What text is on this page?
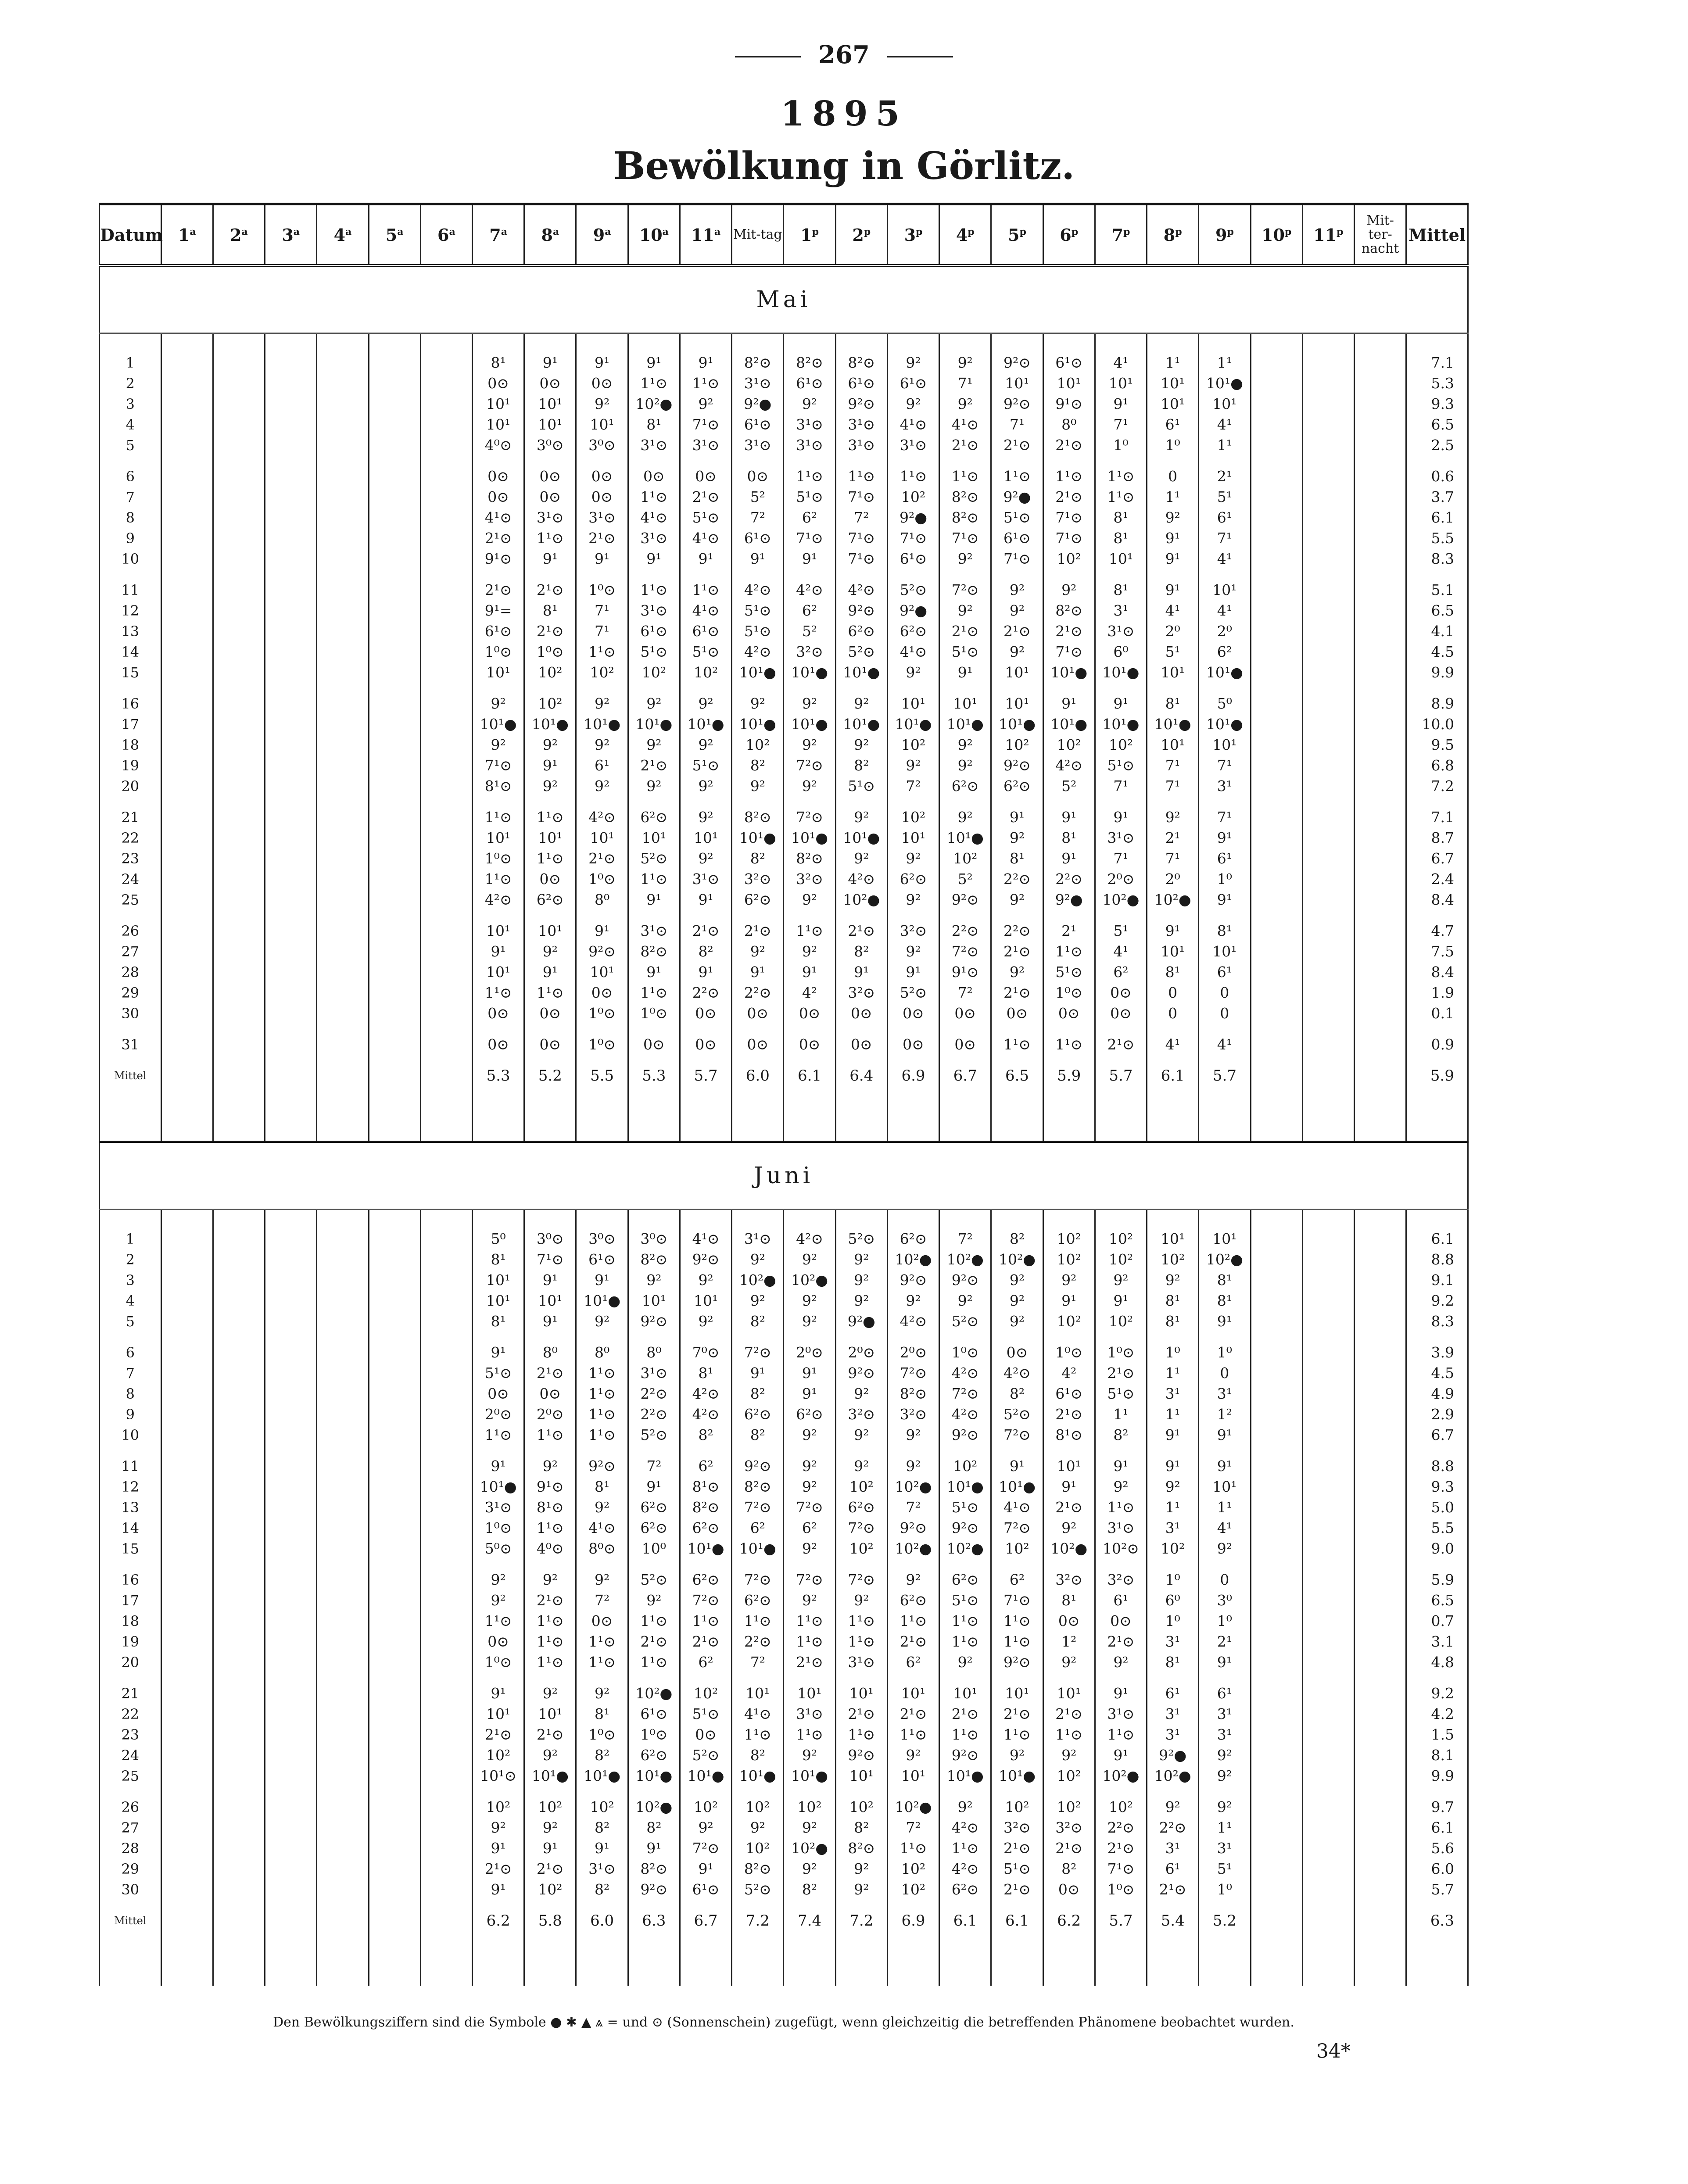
267
1895
Bewölkung in Görlitz.
Datum	1$^a$	2$^a$	3$^a$	4$^a$	5$^a$	6$^a$	7$^a$	8$^a$	9$^a$	10$^a$	11$^a$	Mit-tag	1$^p$	2$^p$	3$^p$	4$^p$	5$^p$	6$^p$	7$^p$	8$^p$	9$^p$	10$^p$	11$^p$	Mit-ter-nacht	Mittel
Mai																									

1							8¹	9¹	9¹	9¹	9¹	8²⊙	8²⊙	8²⊙	9²	9²	9²⊙	6¹⊙	4¹	1¹	1¹				7.1
2							0⊙	0⊙	0⊙	1¹⊙	1¹⊙	3¹⊙	6¹⊙	6¹⊙	6¹⊙	7¹	10¹	10¹	10¹	10¹	10¹●				5.3
3							10¹	10¹	9²	10²●	9²	9²●	9²	9²⊙	9²	9²	9²⊙	9¹⊙	9¹	10¹	10¹				9.3
4							10¹	10¹	10¹	8¹	7¹⊙	6¹⊙	3¹⊙	3¹⊙	4¹⊙	4¹⊙	7¹	8⁰	7¹	6¹	4¹				6.5
5							4⁰⊙	3⁰⊙	3⁰⊙	3¹⊙	3¹⊙	3¹⊙	3¹⊙	3¹⊙	3¹⊙	2¹⊙	2¹⊙	2¹⊙	1⁰	1⁰	1¹				2.5

6							0⊙	0⊙	0⊙	0⊙	0⊙	0⊙	1¹⊙	1¹⊙	1¹⊙	1¹⊙	1¹⊙	1¹⊙	1¹⊙	0	2¹				0.6
7							0⊙	0⊙	0⊙	1¹⊙	2¹⊙	5²	5¹⊙	7¹⊙	10²	8²⊙	9²●	2¹⊙	1¹⊙	1¹	5¹				3.7
8							4¹⊙	3¹⊙	3¹⊙	4¹⊙	5¹⊙	7²	6²	7²	9²●	8²⊙	5¹⊙	7¹⊙	8¹	9²	6¹				6.1
9							2¹⊙	1¹⊙	2¹⊙	3¹⊙	4¹⊙	6¹⊙	7¹⊙	7¹⊙	7¹⊙	7¹⊙	6¹⊙	7¹⊙	8¹	9¹	7¹				5.5
10							9¹⊙	9¹	9¹	9¹	9¹	9¹	9¹	7¹⊙	6¹⊙	9²	7¹⊙	10²	10¹	9¹	4¹				8.3

11							2¹⊙	2¹⊙	1⁰⊙	1¹⊙	1¹⊙	4²⊙	4²⊙	4²⊙	5²⊙	7²⊙	9²	9²	8¹	9¹	10¹				5.1
12							9¹=	8¹	7¹	3¹⊙	4¹⊙	5¹⊙	6²	9²⊙	9²●	9²	9²	8²⊙	3¹	4¹	4¹				6.5
13							6¹⊙	2¹⊙	7¹	6¹⊙	6¹⊙	5¹⊙	5²	6²⊙	6²⊙	2¹⊙	2¹⊙	2¹⊙	3¹⊙	2⁰	2⁰				4.1
14							1⁰⊙	1⁰⊙	1¹⊙	5¹⊙	5¹⊙	4²⊙	3²⊙	5²⊙	4¹⊙	5¹⊙	9²	7¹⊙	6⁰	5¹	6²				4.5
15							10¹	10²	10²	10²	10²	10¹●	10¹●	10¹●	9²	9¹	10¹	10¹●	10¹●	10¹	10¹●				9.9

16							9²	10²	9²	9²	9²	9²	9²	9²	10¹	10¹	10¹	9¹	9¹	8¹	5⁰				8.9
17							10¹●	10¹●	10¹●	10¹●	10¹●	10¹●	10¹●	10¹●	10¹●	10¹●	10¹●	10¹●	10¹●	10¹●	10¹●				10.0
18							9²	9²	9²	9²	9²	10²	9²	9²	10²	9²	10²	10²	10²	10¹	10¹				9.5
19							7¹⊙	9¹	6¹	2¹⊙	5¹⊙	8²	7²⊙	8²	9²	9²	9²⊙	4²⊙	5¹⊙	7¹	7¹				6.8
20							8¹⊙	9²	9²	9²	9²	9²	9²	5¹⊙	7²	6²⊙	6²⊙	5²	7¹	7¹	3¹				7.2

21							1¹⊙	1¹⊙	4²⊙	6²⊙	9²	8²⊙	7²⊙	9²	10²	9²	9¹	9¹	9¹	9²	7¹				7.1
22							10¹	10¹	10¹	10¹	10¹	10¹●	10¹●	10¹●	10¹	10¹●	9²	8¹	3¹⊙	2¹	9¹				8.7
23							1⁰⊙	1¹⊙	2¹⊙	5²⊙	9²	8²	8²⊙	9²	9²	10²	8¹	9¹	7¹	7¹	6¹				6.7
24							1¹⊙	0⊙	1⁰⊙	1¹⊙	3¹⊙	3²⊙	3²⊙	4²⊙	6²⊙	5²	2²⊙	2²⊙	2⁰⊙	2⁰	1⁰				2.4
25							4²⊙	6²⊙	8⁰	9¹	9¹	6²⊙	9²	10²●	9²	9²⊙	9²	9²●	10²●	10²●	9¹				8.4

26							10¹	10¹	9¹	3¹⊙	2¹⊙	2¹⊙	1¹⊙	2¹⊙	3²⊙	2²⊙	2²⊙	2¹	5¹	9¹	8¹				4.7
27							9¹	9²	9²⊙	8²⊙	8²	9²	9²	8²	9²	7²⊙	2¹⊙	1¹⊙	4¹	10¹	10¹				7.5
28							10¹	9¹	10¹	9¹	9¹	9¹	9¹	9¹	9¹	9¹⊙	9²	5¹⊙	6²	8¹	6¹				8.4
29							1¹⊙	1¹⊙	0⊙	1¹⊙	2²⊙	2²⊙	4²	3²⊙	5²⊙	7²	2¹⊙	1⁰⊙	0⊙	0	0				1.9
30							0⊙	0⊙	1⁰⊙	1⁰⊙	0⊙	0⊙	0⊙	0⊙	0⊙	0⊙	0⊙	0⊙	0⊙	0	0				0.1

31							0⊙	0⊙	1⁰⊙	0⊙	0⊙	0⊙	0⊙	0⊙	0⊙	0⊙	1¹⊙	1¹⊙	2¹⊙	4¹	4¹				0.9
Mittel							5.3	5.2	5.5	5.3	5.7	6.0	6.1	6.4	6.9	6.7	6.5	5.9	5.7	6.1	5.7				5.9

Juni																									

1							5⁰	3⁰⊙	3⁰⊙	3⁰⊙	4¹⊙	3¹⊙	4²⊙	5²⊙	6²⊙	7²	8²	10²	10²	10¹	10¹				6.1
2							8¹	7¹⊙	6¹⊙	8²⊙	9²⊙	9²	9²	9²	10²●	10²●	10²●	10²	10²	10²	10²●				8.8
3							10¹	9¹	9¹	9²	9²	10²●	10²●	9²	9²⊙	9²⊙	9²	9²	9²	9²	8¹				9.1
4							10¹	10¹	10¹●	10¹	10¹	9²	9²	9²	9²	9²	9²	9¹	9¹	8¹	8¹				9.2
5							8¹	9¹	9²	9²⊙	9²	8²	9²	9²●	4²⊙	5²⊙	9²	10²	10²	8¹	9¹				8.3

6							9¹	8⁰	8⁰	8⁰	7⁰⊙	7²⊙	2⁰⊙	2⁰⊙	2⁰⊙	1⁰⊙	0⊙	1⁰⊙	1⁰⊙	1⁰	1⁰				3.9
7							5¹⊙	2¹⊙	1¹⊙	3¹⊙	8¹	9¹	9¹	9²⊙	7²⊙	4²⊙	4²⊙	4²	2¹⊙	1¹	0				4.5
8							0⊙	0⊙	1¹⊙	2²⊙	4²⊙	8²	9¹	9²	8²⊙	7²⊙	8²	6¹⊙	5¹⊙	3¹	3¹				4.9
9							2⁰⊙	2⁰⊙	1¹⊙	2²⊙	4²⊙	6²⊙	6²⊙	3²⊙	3²⊙	4²⊙	5²⊙	2¹⊙	1¹	1¹	1²				2.9
10							1¹⊙	1¹⊙	1¹⊙	5²⊙	8²	8²	9²	9²	9²	9²⊙	7²⊙	8¹⊙	8²	9¹	9¹				6.7

11							9¹	9²	9²⊙	7²	6²	9²⊙	9²	9²	9²	10²	9¹	10¹	9¹	9¹	9¹				8.8
12							10¹●	9¹⊙	8¹	9¹	8¹⊙	8²⊙	9²	10²	10²●	10¹●	10¹●	9¹	9²	9²	10¹				9.3
13							3¹⊙	8¹⊙	9²	6²⊙	8²⊙	7²⊙	7²⊙	6²⊙	7²	5¹⊙	4¹⊙	2¹⊙	1¹⊙	1¹	1¹				5.0
14							1⁰⊙	1¹⊙	4¹⊙	6²⊙	6²⊙	6²	6²	7²⊙	9²⊙	9²⊙	7²⊙	9²	3¹⊙	3¹	4¹				5.5
15							5⁰⊙	4⁰⊙	8⁰⊙	10⁰	10¹●	10¹●	9²	10²	10²●	10²●	10²	10²●	10²⊙	10²	9²				9.0

16							9²	9²	9²	5²⊙	6²⊙	7²⊙	7²⊙	7²⊙	9²	6²⊙	6²	3²⊙	3²⊙	1⁰	0				5.9
17							9²	2¹⊙	7²	9²	7²⊙	6²⊙	9²	9²	6²⊙	5¹⊙	7¹⊙	8¹	6¹	6⁰	3⁰				6.5
18							1¹⊙	1¹⊙	0⊙	1¹⊙	1¹⊙	1¹⊙	1¹⊙	1¹⊙	1¹⊙	1¹⊙	1¹⊙	0⊙	0⊙	1⁰	1⁰				0.7
19							0⊙	1¹⊙	1¹⊙	2¹⊙	2¹⊙	2²⊙	1¹⊙	1¹⊙	2¹⊙	1¹⊙	1¹⊙	1²	2¹⊙	3¹	2¹				3.1
20							1⁰⊙	1¹⊙	1¹⊙	1¹⊙	6²	7²	2¹⊙	3¹⊙	6²	9²	9²⊙	9²	9²	8¹	9¹				4.8

21							9¹	9²	9²	10²●	10²	10¹	10¹	10¹	10¹	10¹	10¹	10¹	9¹	6¹	6¹				9.2
22							10¹	10¹	8¹	6¹⊙	5¹⊙	4¹⊙	3¹⊙	2¹⊙	2¹⊙	2¹⊙	2¹⊙	2¹⊙	3¹⊙	3¹	3¹				4.2
23							2¹⊙	2¹⊙	1⁰⊙	1⁰⊙	0⊙	1¹⊙	1¹⊙	1¹⊙	1¹⊙	1¹⊙	1¹⊙	1¹⊙	1¹⊙	3¹	3¹				1.5
24							10²	9²	8²	6²⊙	5²⊙	8²	9²	9²⊙	9²	9²⊙	9²	9²	9¹	9²●	9²				8.1
25							10¹⊙	10¹●	10¹●	10¹●	10¹●	10¹●	10¹●	10¹	10¹	10¹●	10¹●	10²	10²●	10²●	9²				9.9

26							10²	10²	10²	10²●	10²	10²	10²	10²	10²●	9²	10²	10²	10²	9²	9²				9.7
27							9²	9²	8²	8²	9²	9²	9²	8²	7²	4²⊙	3²⊙	3²⊙	2²⊙	2²⊙	1¹				6.1
28							9¹	9¹	9¹	9¹	7²⊙	10²	10²●	8²⊙	1¹⊙	1¹⊙	2¹⊙	2¹⊙	2¹⊙	3¹	3¹				5.6
29							2¹⊙	2¹⊙	3¹⊙	8²⊙	9¹	8²⊙	9²	9²	10²	4²⊙	5¹⊙	8²	7¹⊙	6¹	5¹				6.0
30							9¹	10²	8²	9²⊙	6¹⊙	5²⊙	8²	9²	10²	6²⊙	2¹⊙	0⊙	1⁰⊙	2¹⊙	1⁰				5.7
Mittel							6.2	5.8	6.0	6.3	6.7	7.2	7.4	7.2	6.9	6.1	6.1	6.2	5.7	5.4	5.2				6.3

Den Bewölkungsziffern sind die Symbole ● ✱ ▲ ⩓ = und ⊙ (Sonnenschein) zugefügt, wenn gleichzeitig die betreffenden Phänomene beobachtet wurden.
34*
